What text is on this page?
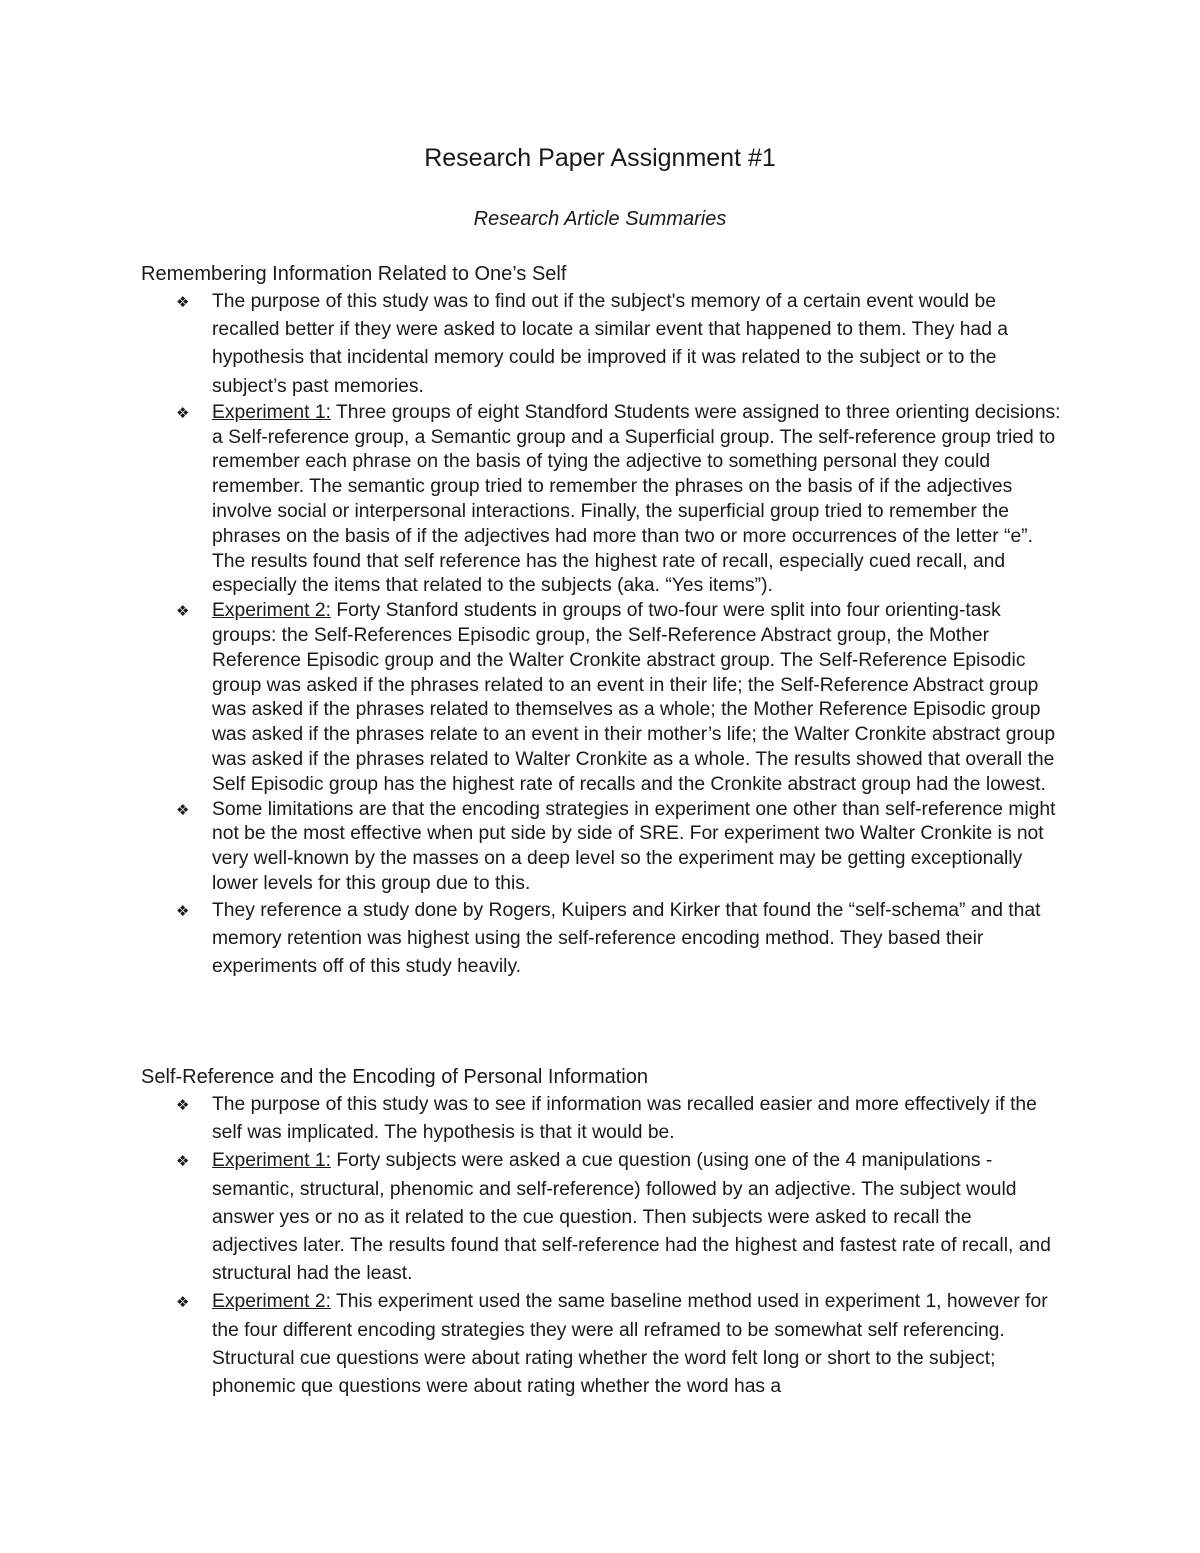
Research Paper Assignment #1
Research Article Summaries

Remembering Information Related to One’s Self

❖ The purpose of this study was to find out if the subject's memory of a certain event would be recalled better if they were asked to locate a similar event that happened to them. They had a hypothesis that incidental memory could be improved if it was related to the subject or to the subject’s past memories.
❖ Experiment 1: Three groups of eight Standford Students were assigned to three orienting decisions: a Self-reference group, a Semantic group and a Superficial group. The self-reference group tried to remember each phrase on the basis of tying the adjective to something personal they could remember. The semantic group tried to remember the phrases on the basis of if the adjectives involve social or interpersonal interactions. Finally, the superficial group tried to remember the phrases on the basis of if the adjectives had more than two or more occurrences of the letter “e”. The results found that self reference has the highest rate of recall, especially cued recall, and especially the items that related to the subjects (aka. “Yes items”).
❖ Experiment 2: Forty Stanford students in groups of two-four were split into four orienting-task groups: the Self-References Episodic group, the Self-Reference Abstract group, the Mother Reference Episodic group and the Walter Cronkite abstract group. The Self-Reference Episodic group was asked if the phrases related to an event in their life; the Self-Reference Abstract group was asked if the phrases related to themselves as a whole; the Mother Reference Episodic group was asked if the phrases relate to an event in their mother’s life; the Walter Cronkite abstract group was asked if the phrases related to Walter Cronkite as a whole. The results showed that overall the Self Episodic group has the highest rate of recalls and the Cronkite abstract group had the lowest.
❖ Some limitations are that the encoding strategies in experiment one other than self-reference might not be the most effective when put side by side of SRE. For experiment two Walter Cronkite is not very well-known by the masses on a deep level so the experiment may be getting exceptionally lower levels for this group due to this.
❖ They reference a study done by Rogers, Kuipers and Kirker that found the “self-schema” and that memory retention was highest using the self-reference encoding method. They based their experiments off of this study heavily.

Self-Reference and the Encoding of Personal Information

❖ The purpose of this study was to see if information was recalled easier and more effectively if the self was implicated. The hypothesis is that it would be.
❖ Experiment 1: Forty subjects were asked a cue question (using one of the 4 manipulations - semantic, structural, phenomic and self-reference) followed by an adjective. The subject would answer yes or no as it related to the cue question. Then subjects were asked to recall the adjectives later. The results found that self-reference had the highest and fastest rate of recall, and structural had the least.
❖ Experiment 2: This experiment used the same baseline method used in experiment 1, however for the four different encoding strategies they were all reframed to be somewhat self referencing. Structural cue questions were about rating whether the word felt long or short to the subject; phonemic que questions were about rating whether the word has a
